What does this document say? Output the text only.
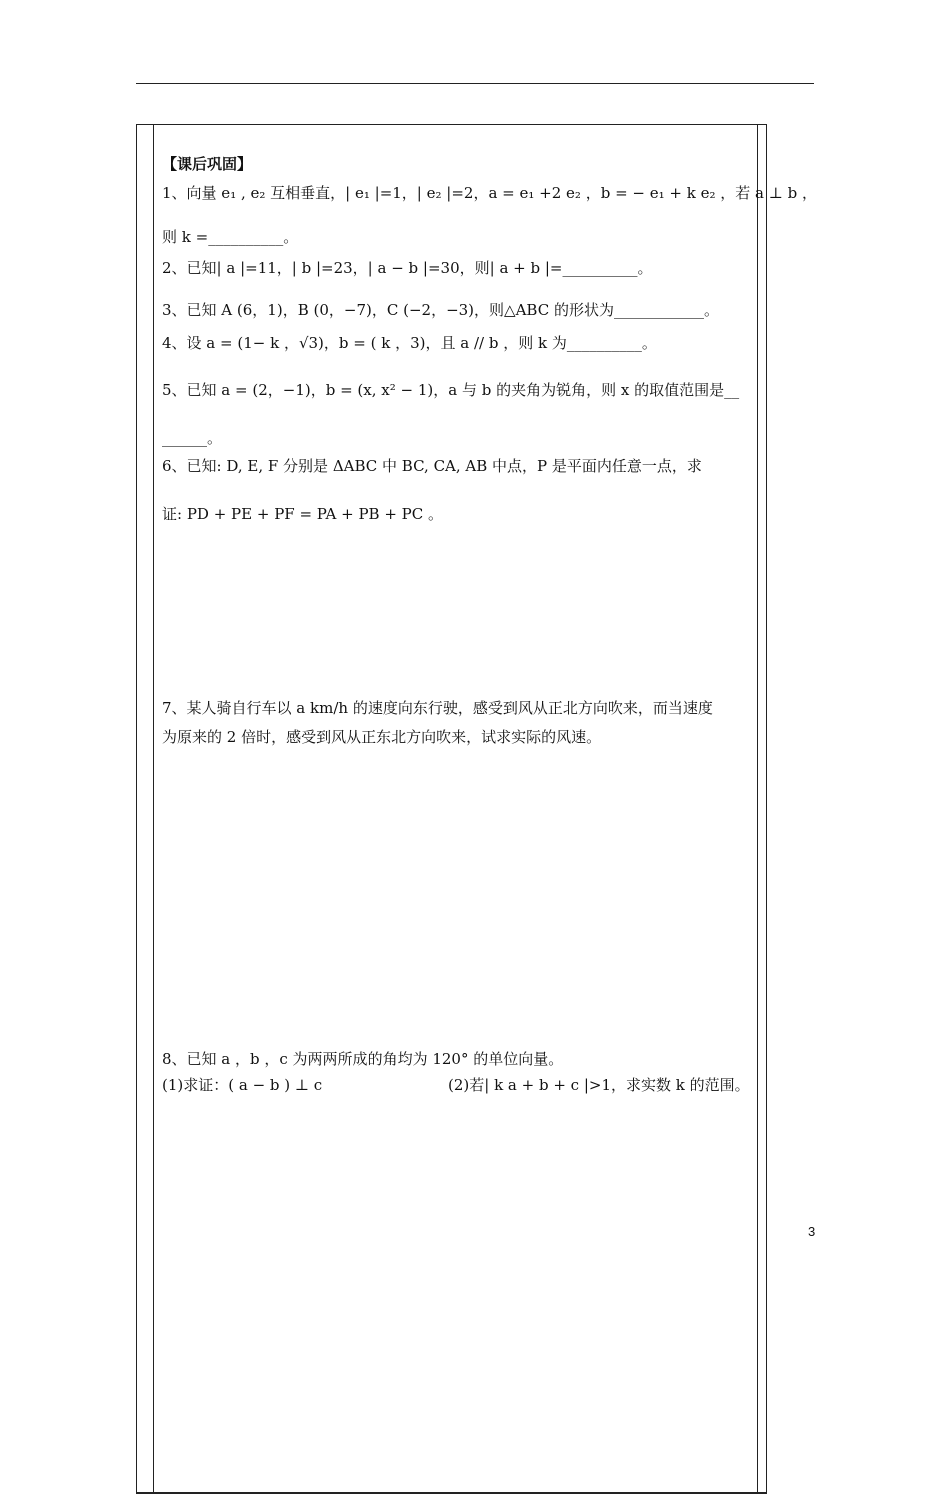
【课后巩固】
1、向量 e₁ , e₂ 互相垂直，| e₁ |=1，| e₂ |=2，a = e₁ +2 e₂ ，b = − e₁ + k e₂ ，若 a ⊥ b ，
则 k =__________。
2、已知| a |=11，| b |=23，| a − b |=30，则| a + b |=__________。
3、已知 A (6，1)，B (0，−7)，C (−2，−3)，则△ABC 的形状为____________。
4、设 a = (1− k ，√3)，b = ( k ，3)，且 a // b ，则 k 为__________。
5、已知 a = (2，−1)，b = (x, x² − 1)，a 与 b 的夹角为锐角，则 x 的取值范围是__
______。
6、已知: D, E, F 分别是 ΔABC 中 BC, CA, AB 中点，P 是平面内任意一点，求
证: PD + PE + PF = PA + PB + PC 。
7、某人骑自行车以 a km/h 的速度向东行驶，感受到风从正北方向吹来，而当速度
为原来的 2 倍时，感受到风从正东北方向吹来，试求实际的风速。
8、已知 a ，b ，c 为两两所成的角均为 120° 的单位向量。
(1)求证：( a − b ) ⊥ c	(2)若| k a + b + c |>1，求实数 k 的范围。
3
